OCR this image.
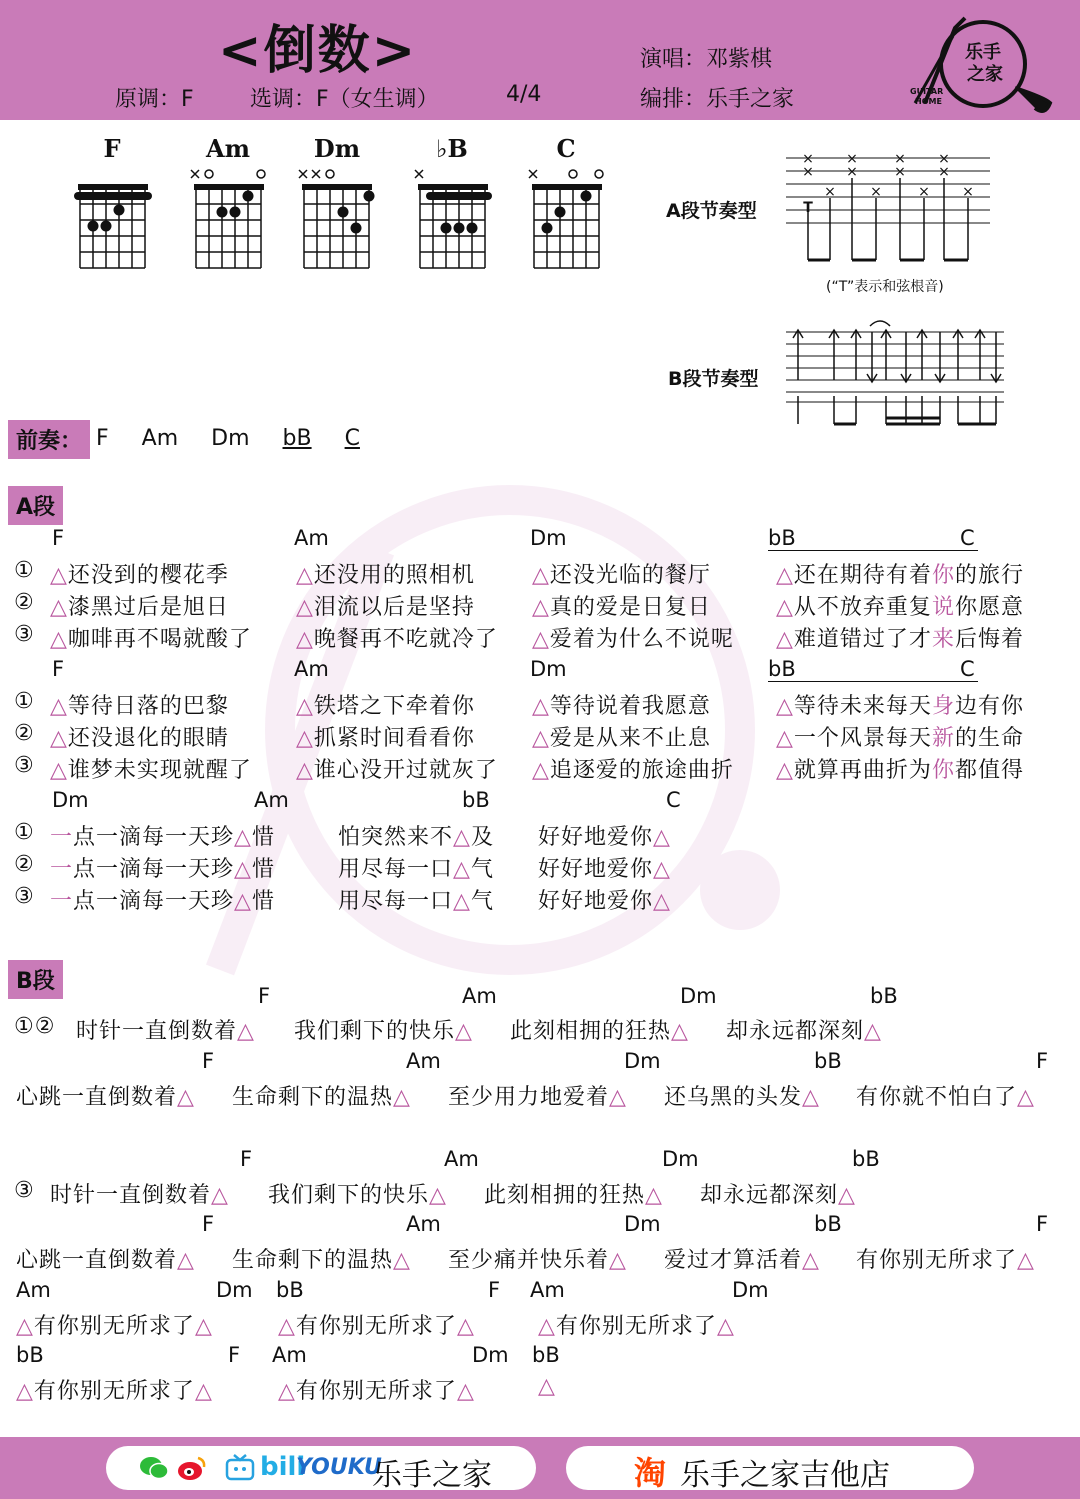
<倒数>
原调：F	选调：F（女生调）	4/4
演唱：邓紫棋
编排：乐手之家
乐手
之家
GUITAR
HOME
F	Am	Dm	♭B	C
A段节奏型
× ×	× ×
× ×	× ×
× ×	× ×
T
(“T”表示和弦根音)
B段节奏型
前奏： F Am Dm bB C
A段
F	Am	Dm	bB	C
① △还没到的樱花季	△还没用的照相机	△还没光临的餐厅	△还在期待有着你的旅行
② △漆黑过后是旭日	△泪流以后是坚持	△真的爱是日复日	△从不放弃重复说你愿意
③ △咖啡再不喝就酸了 △晚餐再不吃就冷了 △爱着为什么不说呢 △难道错过了才来后悔着
F	Am	Dm	bB	C
① △等待日落的巴黎	△铁塔之下牵着你	△等待说着我愿意	△等待未来每天身边有你
② △还没退化的眼睛	△抓紧时间看看你	△爱是从来不止息	△一个风景每天新的生命
③ △谁梦未实现就醒了 △谁心没开过就灰了 △追逐爱的旅途曲折 △就算再曲折为你都值得
Dm	Am	bB	C
① 一点一滴每一天珍△惜	怕突然来不△及 好好地爱你△
② 一点一滴每一天珍△惜	用尽每一口△气 好好地爱你△
③ 一点一滴每一天珍△惜	用尽每一口△气 好好地爱你△
B段
F	Am	Dm	bB
①② 时针一直倒数着△ 我们剩下的快乐△ 此刻相拥的狂热△ 却永远都深刻△
F	Am	Dm	bB	F
心跳一直倒数着△ 生命剩下的温热△ 至少用力地爱着△ 还乌黑的头发△ 有你就不怕白了△
F	Am	Dm	bB
③ 时针一直倒数着△ 我们剩下的快乐△ 此刻相拥的狂热△ 却永远都深刻△
F	Am	Dm	bB	F
心跳一直倒数着△ 生命剩下的温热△ 至少痛并快乐着△ 爱过才算活着△ 有你别无所求了△
Am	Dm bB	F Am	Dm
△有你别无所求了△	△有你别无所求了△	△有你别无所求了△
bB	F Am	Dm bB
△有你别无所求了△	△有你别无所求了△	△
bili
YOUKU
乐手之家	淘 乐手之家吉他店
